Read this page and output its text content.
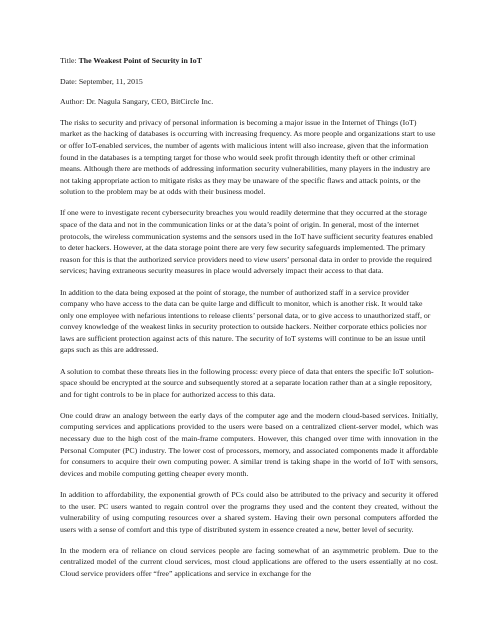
Title: The Weakest Point of Security in IoT

Date: September, 11, 2015

Author: Dr. Nagula Sangary, CEO, BitCircle Inc.

The risks to security and privacy of personal information is becoming a major issue in the Internet of Things (IoT) market as the hacking of databases is occurring with increasing frequency. As more people and organizations start to use or offer IoT-enabled services, the number of agents with malicious intent will also increase, given that the information found in the databases is a tempting target for those who would seek profit through identity theft or other criminal means. Although there are methods of addressing information security vulnerabilities, many players in the industry are not taking appropriate action to mitigate risks as they may be unaware of the specific flaws and attack points, or the solution to the problem may be at odds with their business model.

If one were to investigate recent cybersecurity breaches you would readily determine that they occurred at the storage space of the data and not in the communication links or at the data’s point of origin. In general, most of the internet protocols, the wireless communication systems and the sensors used in the IoT have sufficient security features enabled to deter hackers. However, at the data storage point there are very few security safeguards implemented. The primary reason for this is that the authorized service providers need to view users’ personal data in order to provide the required services; having extraneous security measures in place would adversely impact their access to that data.

In addition to the data being exposed at the point of storage, the number of authorized staff in a service provider company who have access to the data can be quite large and difficult to monitor, which is another risk. It would take only one employee with nefarious intentions to release clients’ personal data, or to give access to unauthorized staff, or convey knowledge of the weakest links in security protection to outside hackers. Neither corporate ethics policies nor laws are sufficient protection against acts of this nature. The security of IoT systems will continue to be an issue until gaps such as this are addressed.

A solution to combat these threats lies in the following process: every piece of data that enters the specific IoT solution-space should be encrypted at the source and subsequently stored at a separate location rather than at a single repository, and for tight controls to be in place for authorized access to this data.

One could draw an analogy between the early days of the computer age and the modern cloud-based services. Initially, computing services and applications provided to the users were based on a centralized client-server model, which was necessary due to the high cost of the main-frame computers. However, this changed over time with innovation in the Personal Computer (PC) industry. The lower cost of processors, memory, and associated components made it affordable for consumers to acquire their own computing power. A similar trend is taking shape in the world of IoT with sensors, devices and mobile computing getting cheaper every month.

In addition to affordability, the exponential growth of PCs could also be attributed to the privacy and security it offered to the user. PC users wanted to regain control over the programs they used and the content they created, without the vulnerability of using computing resources over a shared system. Having their own personal computers afforded the users with a sense of comfort and this type of distributed system in essence created a new, better level of security.

In the modern era of reliance on cloud services people are facing somewhat of an asymmetric problem. Due to the centralized model of the current cloud services, most cloud applications are offered to the users essentially at no cost. Cloud service providers offer “free” applications and service in exchange for the
